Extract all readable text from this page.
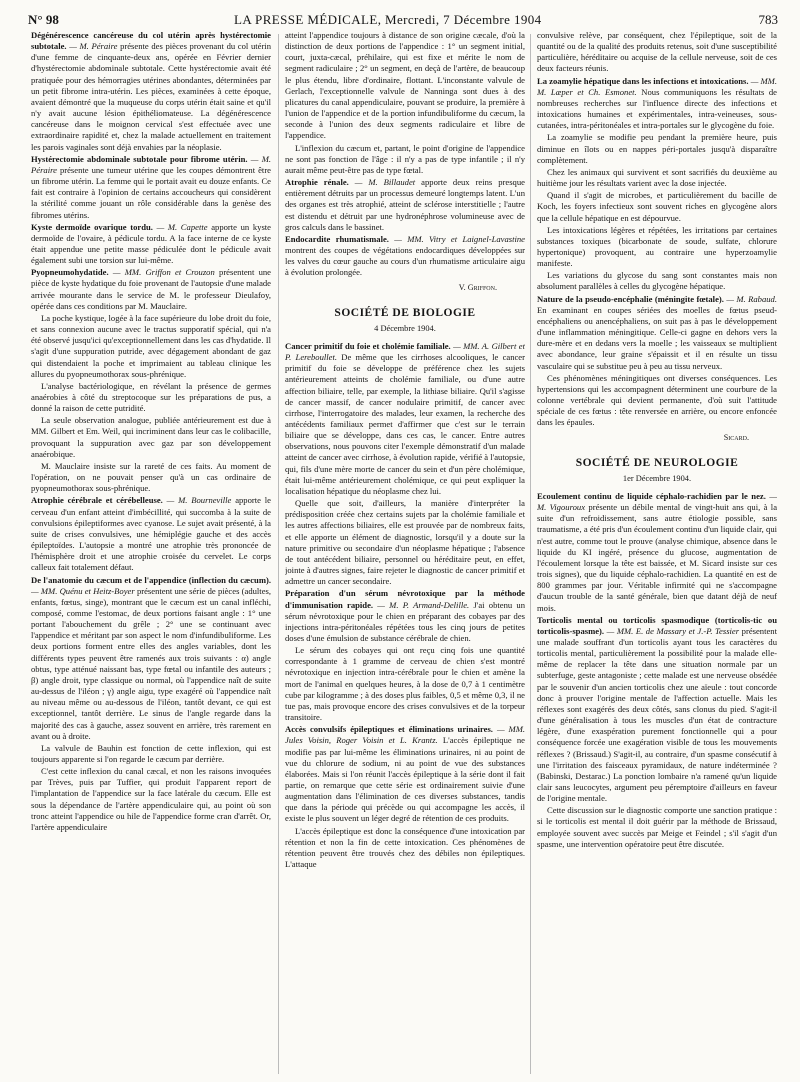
N° 98	LA PRESSE MÉDICALE, Mercredi, 7 Décembre 1904	783

Dégénérescence cancéreuse du col utérin après hystérectomie subtotale. — M. Péraire présente des pièces provenant du col utérin d'une femme de cinquante-deux ans, opérée en Février dernier d'hystérectomie abdominale subtotale. Cette hystérectomie avait été pratiquée pour des hémorragies utérines abondantes, déterminées par un petit fibrome intra-utérin. Les pièces, examinées à cette époque, avaient démontré que la muqueuse du corps utérin était saine et qu'il n'y avait aucune lésion épithéliomateuse. La dégénérescence cancéreuse dans le moignon cervical s'est effectuée avec une extraordinaire rapidité et, chez la malade actuellement en traitement les parois vaginales sont déjà envahies par la néoplasie.

Hystérectomie abdominale subtotale pour fibrome utérin. — M. Péraire présente une tumeur utérine que les coupes démontrent être un fibrome utérin. La femme qui le portait avait eu douze enfants. Ce fait est contraire à l'opinion de certains accoucheurs qui considèrent la stérilité comme jouant un rôle considérable dans la genèse des fibromes utérins.

Kyste dermoïde ovarique tordu. — M. Capette apporte un kyste dermoïde de l'ovaire, à pédicule tordu. A la face interne de ce kyste était appendue une petite masse pédiculée dont le pédicule avait également subi une torsion sur lui-même.

Pyopneumohydatide. — MM. Griffon et Crouzon présentent une pièce de kyste hydatique du foie provenant de l'autopsie d'une malade arrivée mourante dans le service de M. le professeur Dieulafoy, opérée dans ces conditions par M. Mauclaire.

La poche kystique, logée à la face supérieure du lobe droit du foie, et sans connexion aucune avec le tractus supporatif spécial, qui n'a été observé jusqu'ici qu'exceptionnellement dans les cas d'hydatide. Il s'agit d'une suppuration putride, avec dégagement abondant de gaz qui distendaient la poche et imprimaient au tableau clinique les allures du pyopneumothorax sous-phrénique.

L'analyse bactériologique, en révélant la présence de germes anaérobies à côté du streptocoque sur les préparations de pus, a donné la raison de cette putridité.

La seule observation analogue, publiée antérieurement est due à MM. Gilbert et Em. Weil, qui incriminent dans leur cas le colibacille, provoquant la suppuration avec gaz par son développement anaérobique.

M. Mauclaire insiste sur la rareté de ces faits. Au moment de l'opération, on ne pouvait penser qu'à un cas ordinaire de pyopneumothorax sous-phrénique.

Atrophie cérébrale et cérébelleuse. — M. Bourneville apporte le cerveau d'un enfant atteint d'imbécillité, qui succomba à la suite de convulsions épileptiformes avec cyanose. Le sujet avait présenté, à la suite de crises convulsives, une hémiplégie gauche et des accès épileptoïdes. L'autopsie a montré une atrophie très prononcée de l'hémisphère droit et une atrophie croisée du cervelet. Le corps calleux fait totalement défaut.

De l'anatomie du cæcum et de l'appendice (inflection du cæcum). — MM. Quénu et Heitz-Boyer présentent une série de pièces (adultes, enfants, fœtus, singe), montrant que le cæcum est un canal infléchi, composé, comme l'estomac, de deux portions faisant angle : 1° une portant l'abouchement du grêle ; 2° une se continuant avec l'appendice et méritant par son aspect le nom d'infundibuliforme. Les deux portions forment entre elles des angles variables, dont les différents types peuvent être ramenés aux trois suivants : α) angle obtus, type atténué naissant bas, type fœtal ou infantile des auteurs ; β) angle droit, type classique ou normal, où l'appendice naît de suite au-dessus de l'iléon ; γ) angle aigu, type exagéré où l'appendice naît au niveau même ou au-dessous de l'iléon, tantôt devant, ce qui est exceptionnel, tantôt derrière. Le sinus de l'angle regarde dans la majorité des cas à gauche, assez souvent en arrière, très rarement en avant ou à droite.

La valvule de Bauhin est fonction de cette inflexion, qui est toujours apparente si l'on regarde le cæcum par derrière.

C'est cette inflexion du canal cæcal, et non les raisons invoquées par Trèves, puis par Tuffier, qui produit l'apparent report de l'implantation de l'appendice sur la face latérale du cæcum. Elle est sous la dépendance de l'artère appendiculaire qui, au point où son tronc atteint l'appendice ou hile de l'appendice forme cran d'arrêt. Or, l'artère appendiculaire

atteint l'appendice toujours à distance de son origine cæcale, d'où la distinction de deux portions de l'appendice : 1° un segment initial, court, juxta-cæcal, préhilaire, qui est fixe et mérite le nom de segment radiculaire ; 2° un segment, en deçà de l'artère, de beaucoup le plus étendu, libre d'ordinaire, flottant. L'inconstante valvule de Gerlach, l'exceptionnelle valvule de Nanninga sont dues à des plicatures du canal appendiculaire, pouvant se produire, la première à l'union de l'appendice et de la portion infundibuliforme du cæcum, la seconde à l'union des deux segments radiculaire et libre de l'appendice.

L'inflexion du cæcum et, partant, le point d'origine de l'appendice ne sont pas fonction de l'âge : il n'y a pas de type infantile ; il n'y aurait même peut-être pas de type fœtal.

Atrophie rénale. — M. Billaudet apporte deux reins presque entièrement détruits par un processus demeuré longtemps latent. L'un des organes est très atrophié, atteint de sclérose interstitielle ; l'autre est distendu et détruit par une hydronéphrose volumineuse avec de gros calculs dans le bassinet.

Endocardite rhumatismale. — MM. Vitry et Laignel-Lavastine montrent des coupes de végétations endocardiques développées sur les valves du cœur gauche au cours d'un rhumatisme articulaire aigu à évolution prolongée.

V. Griffon.
SOCIÉTÉ DE BIOLOGIE
4 Décembre 1904.

Cancer primitif du foie et cholémie familiale. — MM. A. Gilbert et P. Lereboullet. De même que les cirrhoses alcooliques, le cancer primitif du foie se développe de préférence chez les sujets antérieurement atteints de cholémie familiale, ou d'une autre affection biliaire, telle, par exemple, la lithiase biliaire. Qu'il s'agisse de cancer massif, de cancer nodulaire primitif, de cancer avec cirrhose, l'interrogatoire des malades, leur examen, la recherche des antécédents familiaux permet d'affirmer que c'est sur le terrain biliaire que se développe, dans ces cas, le cancer. Entre autres observations, nous pouvons citer l'exemple démonstratif d'un malade atteint de cancer avec cirrhose, à évolution rapide, vérifié à l'autopsie, qui, fils d'une mère morte de cancer du sein et d'un père cholémique, était lui-même antérieurement cholémique, ce qui peut expliquer la localisation hépatique du néoplasme chez lui.

Quelle que soit, d'ailleurs, la manière d'interpréter la prédisposition créée chez certains sujets par la cholémie familiale et les autres affections biliaires, elle est prouvée par de nombreux faits, et elle apporte un élément de diagnostic, lorsqu'il y a doute sur la nature primitive ou secondaire d'un néoplasme hépatique ; l'absence de tout antécédent biliaire, personnel ou héréditaire peut, en effet, jointe à d'autres signes, faire rejeter le diagnostic de cancer primitif et admettre un cancer secondaire.

Préparation d'un sérum névrotoxique par la méthode d'immunisation rapide. — M. P. Armand-Delille. J'ai obtenu un sérum névrotoxique pour le chien en préparant des cobayes par des injections intra-péritonéales répétées tous les cinq jours de petites doses d'une émulsion de substance cérébrale de chien.

Le sérum des cobayes qui ont reçu cinq fois une quantité correspondante à 1 gramme de cerveau de chien s'est montré névrotoxique en injection intra-cérébrale pour le chien et amène la mort de l'animal en quelques heures, à la dose de 0,7 à 1 centimètre cube par kilogramme ; à des doses plus faibles, 0,5 et même 0,3, il ne tue pas, mais provoque encore des crises convulsives et de la torpeur transitoire.

Accès convulsifs épileptiques et éliminations urinaires. — MM. Jules Voisin, Roger Voisin et L. Krantz. L'accès épileptique ne modifie pas par lui-même les éliminations urinaires, ni au point de vue du chlorure de sodium, ni au point de vue des substances élaborées. Mais si l'on réunit l'accès épileptique à la série dont il fait partie, on remarque que cette série est ordinairement suivie d'une augmentation dans l'élimination de ces diverses substances, tandis que dans la période qui précède ou qui accompagne les accès, il existe le plus souvent un léger degré de rétention de ces produits.

L'accès épileptique est donc la conséquence d'une intoxication par rétention et non la fin de cette intoxication. Ces phénomènes de rétention peuvent être trouvés chez des débiles non épileptiques. L'attaque

convulsive relève, par conséquent, chez l'épileptique, soit de la quantité ou de la qualité des produits retenus, soit d'une susceptibilité particulière, héréditaire ou acquise de la cellule nerveuse, soit de ces deux facteurs réunis.

La zoamylie hépatique dans les infections et intoxications. — MM. M. Læper et Ch. Esmonet. Nous communiquons les résultats de nombreuses recherches sur l'influence directe des infections et intoxications humaines et expérimentales, intra-veineuses, sous-cutanées, intra-péritonéales et intra-portales sur le glycogène du foie.

La zoamylie se modifie peu pendant la première heure, puis diminue en îlots ou en nappes péri-portales jusqu'à disparaître complètement.

Chez les animaux qui survivent et sont sacrifiés du deuxième au huitième jour les résultats varient avec la dose injectée.

Quand il s'agit de microbes, et particulièrement du bacille de Koch, les foyers infectieux sont souvent riches en glycogène alors que la cellule hépatique en est dépourvue.

Les intoxications légères et répétées, les irritations par certaines substances toxiques (bicarbonate de soude, sulfate, chlorure hypertonique) provoquent, au contraire une hyperzoamylie manifeste.

Les variations du glycose du sang sont constantes mais non absolument parallèles à celles du glycogène hépatique.

Nature de la pseudo-encéphalie (méningite fœtale). — M. Rabaud. En examinant en coupes sériées des moelles de fœtus pseud-encéphaliens ou anencéphaliens, on suit pas à pas le développement d'une inflammation méningitique. Celle-ci gagne en dehors vers la dure-mère et en dedans vers la moelle ; les vaisseaux se multiplient avec abondance, leur graine s'épaissit et il en résulte un tissu vasculaire qui se substitue peu à peu au tissu nerveux.

Ces phénomènes méningitiques ont diverses conséquences. Les hypertensions qui les accompagnent déterminent une courbure de la colonne vertébrale qui devient permanente, d'où suit l'attitude spéciale de ces fœtus : tête renversée en arrière, ou encore enfoncée dans les épaules.

Sicard.
SOCIÉTÉ DE NEUROLOGIE
1er Décembre 1904.

Ecoulement continu de liquide céphalo-rachidien par le nez. — M. Vigouroux présente un débile mental de vingt-huit ans qui, à la suite d'un refroidissement, sans autre étiologie possible, sans traumatisme, a été pris d'un écoulement continu d'un liquide clair, qui n'est autre, comme tout le prouve (analyse chimique, absence dans le liquide du KI ingéré, présence du glucose, augmentation de l'écoulement lorsque la tête est baissée, et M. Sicard insiste sur ces trois signes), que du liquide céphalo-rachidien. La quantité en est de 800 grammes par jour. Véritable infirmité qui ne s'accompagne d'aucun trouble de la santé générale, bien que datant déjà de neuf mois.

Torticolis mental ou torticolis spasmodique (torticolis-tic ou torticolis-spasme). — MM. E. de Massary et J.-P. Tessier présentent une malade souffrant d'un torticolis ayant tous les caractères du torticolis mental, particulièrement la possibilité pour la malade elle-même de replacer la tête dans une situation normale par un subterfuge, geste antagoniste ; cette malade est une nerveuse obsédée par le souvenir d'un ancien torticolis chez une aïeule : tout concorde donc à prouver l'origine mentale de l'affection actuelle. Mais les réflexes sont exagérés des deux côtés, sans clonus du pied. S'agit-il d'une généralisation à tous les muscles d'un état de contracture légère, d'une exaspération purement fonctionnelle qui a pour conséquence forcée une exagération visible de tous les mouvements réflexes ? (Brissaud.) S'agit-il, au contraire, d'un spasme consécutif à une l'irritation des faisceaux pyramidaux, de nature indéterminée ? (Babinski, Destarac.) La ponction lombaire n'a ramené qu'un liquide clair sans leucocytes, argument peu péremptoire d'ailleurs en faveur de l'origine mentale.

Cette discussion sur le diagnostic comporte une sanction pratique : si le torticolis est mental il doit guérir par la méthode de Brissaud, employée souvent avec succès par Meige et Feindel ; s'il s'agit d'un spasme, une intervention opératoire peut être discutée.
